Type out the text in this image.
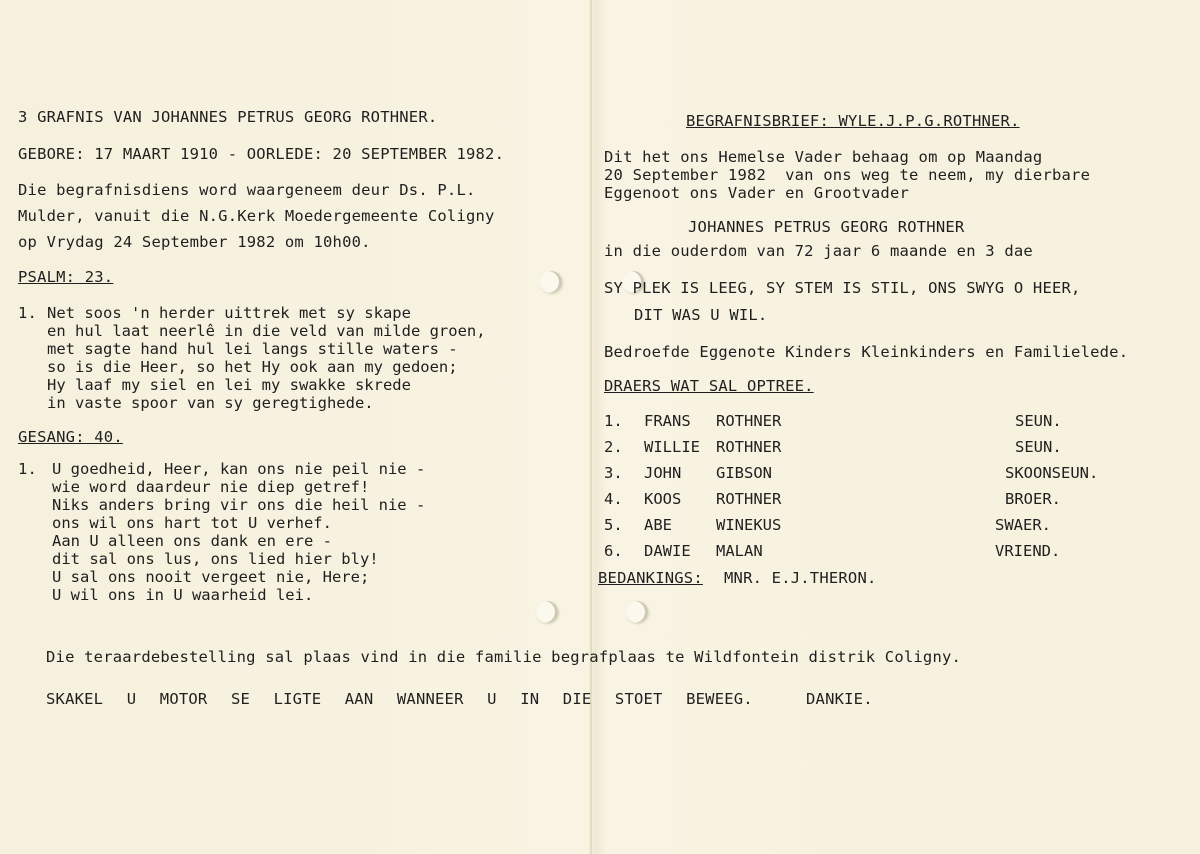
3 GRAFNIS VAN JOHANNES PETRUS GEORG ROTHNER.
GEBORE: 17 MAART 1910 - OORLEDE: 20 SEPTEMBER 1982.
Die begrafnisdiens word waargeneem deur Ds. P.L.
Mulder, vanuit die N.G.Kerk Moedergemeente Coligny
op Vrydag 24 September 1982 om 10h00.
PSALM: 23.
1. Net soos 'n herder uittrek met sy skape
en hul laat neerlê in die veld van milde groen,
met sagte hand hul lei langs stille waters -
so is die Heer, so het Hy ook aan my gedoen;
Hy laaf my siel en lei my swakke skrede
in vaste spoor van sy geregtighede.
GESANG: 40.
1. U goedheid, Heer, kan ons nie peil nie -
wie word daardeur nie diep getref!
Niks anders bring vir ons die heil nie -
ons wil ons hart tot U verhef.
Aan U alleen ons dank en ere -
dit sal ons lus, ons lied hier bly!
U sal ons nooit vergeet nie, Here;
U wil ons in U waarheid lei.
BEGRAFNISBRIEF: WYLE.J.P.G.ROTHNER.
Dit het ons Hemelse Vader behaag om op Maandag
20 September 1982  van ons weg te neem, my dierbare
Eggenoot ons Vader en Grootvader
JOHANNES PETRUS GEORG ROTHNER
in die ouderdom van 72 jaar 6 maande en 3 dae
SY PLEK IS LEEG, SY STEM IS STIL, ONS SWYG O HEER,
DIT WAS U WIL.
Bedroefde Eggenote Kinders Kleinkinders en Familielede.
DRAERS WAT SAL OPTREE.
1. FRANS ROTHNER	SEUN.
2. WILLIE ROTHNER	SEUN.
3. JOHN GIBSON	SKOONSEUN.
4. KOOS ROTHNER	BROER.
5. ABE	WINEKUS	SWAER.
6. DAWIE MALAN	VRIEND.
BEDANKINGS: MNR. E.J.THERON.
Die teraardebestelling sal plaas vind in die familie begrafplaas te Wildfontein distrik Coligny.
SKAKEL U MOTOR SE LIGTE AAN WANNEER U IN DIE STOET BEWEEG.	DANKIE.
